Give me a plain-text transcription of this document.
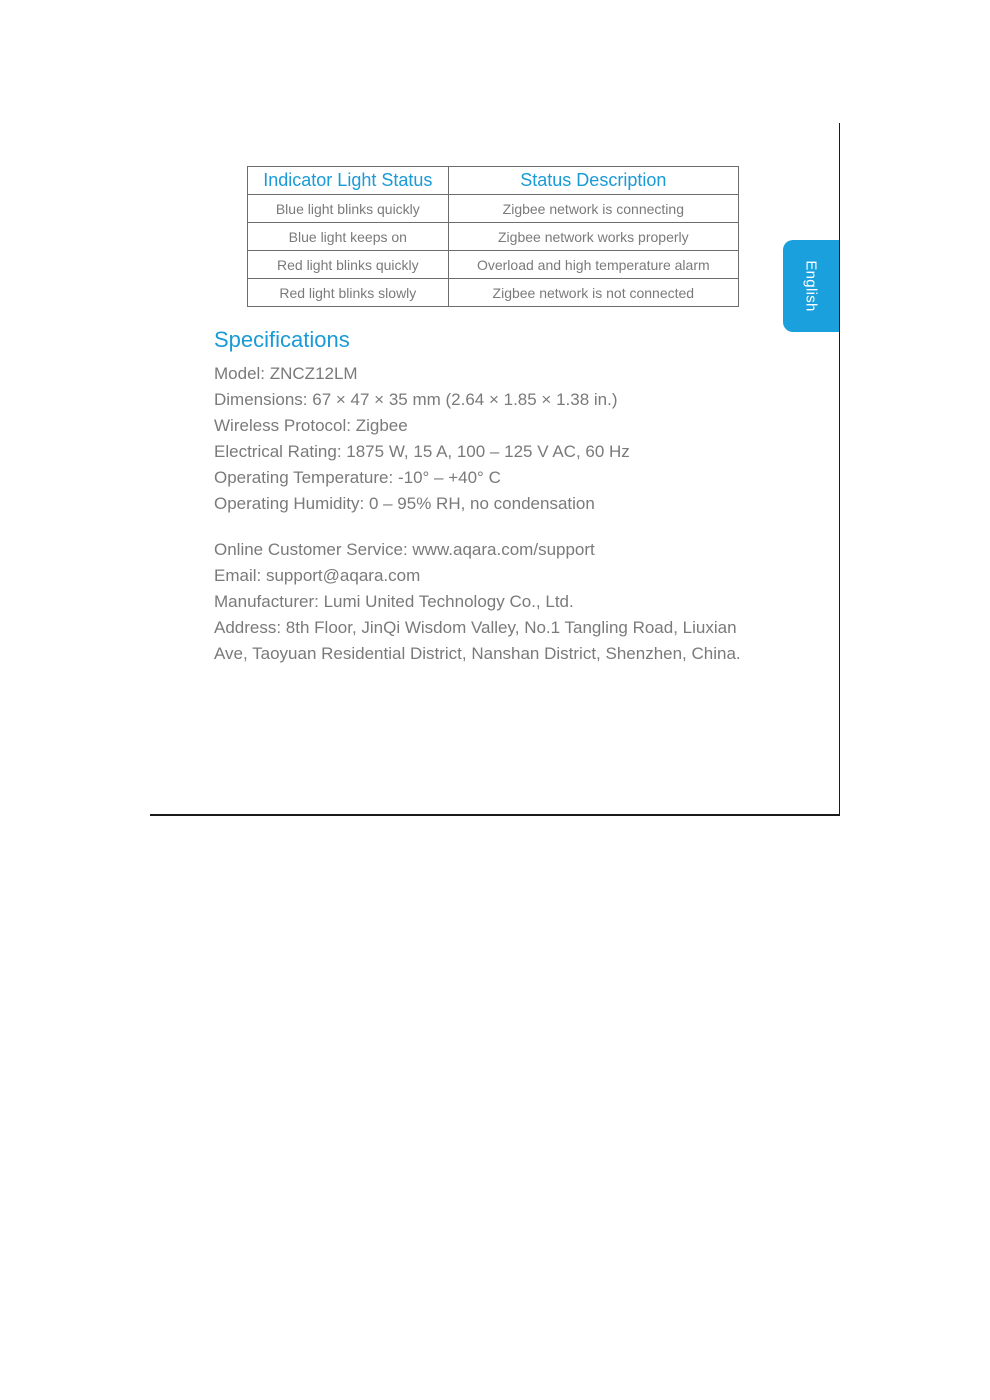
English
Indicator Light Status	Status Description
Blue light blinks quickly	Zigbee network is connecting
Blue light keeps on	Zigbee network works properly
Red light blinks quickly	Overload and high temperature alarm
Red light blinks slowly	Zigbee network is not connected
Specifications
Model: ZNCZ12LM
Dimensions: 67 × 47 × 35 mm (2.64 × 1.85 × 1.38 in.)
Wireless Protocol: Zigbee
Electrical Rating: 1875 W, 15 A, 100 – 125 V AC, 60 Hz
Operating Temperature: -10° – +40° C
Operating Humidity: 0 – 95% RH, no condensation
Online Customer Service: www.aqara.com/support
Email: support@aqara.com
Manufacturer: Lumi United Technology Co., Ltd.
Address: 8th Floor, JinQi Wisdom Valley, No.1 Tangling Road, Liuxian
Ave, Taoyuan Residential District, Nanshan District, Shenzhen, China.
